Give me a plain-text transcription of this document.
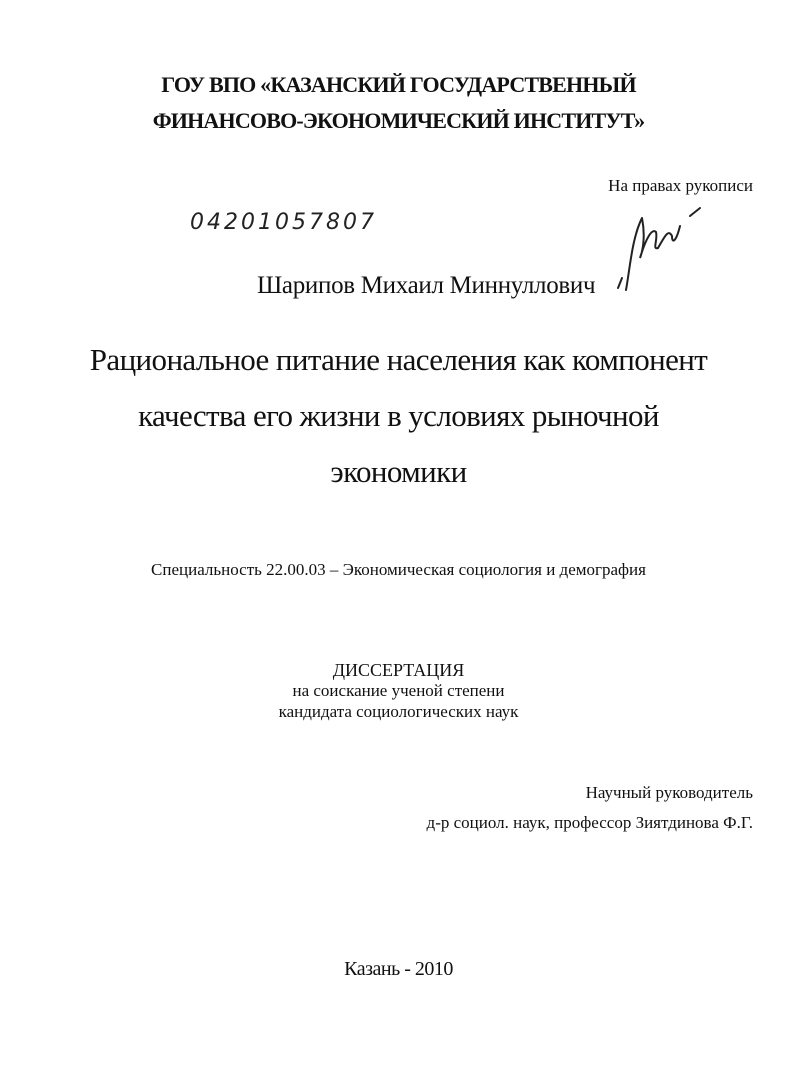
ГОУ ВПО «КАЗАНСКИЙ ГОСУДАРСТВЕННЫЙ
ФИНАНСОВО-ЭКОНОМИЧЕСКИЙ ИНСТИТУТ»
На правах рукописи
04201057807
Шарипов Михаил Миннуллович
Рациональное питание населения как компонент
качества его жизни в условиях рыночной
экономики
Специальность 22.00.03 – Экономическая социология и демография
ДИССЕРТАЦИЯ
на соискание ученой степени
кандидата социологических наук
Научный руководитель
д-р социол. наук, профессор Зиятдинова Ф.Г.
Казань - 2010
